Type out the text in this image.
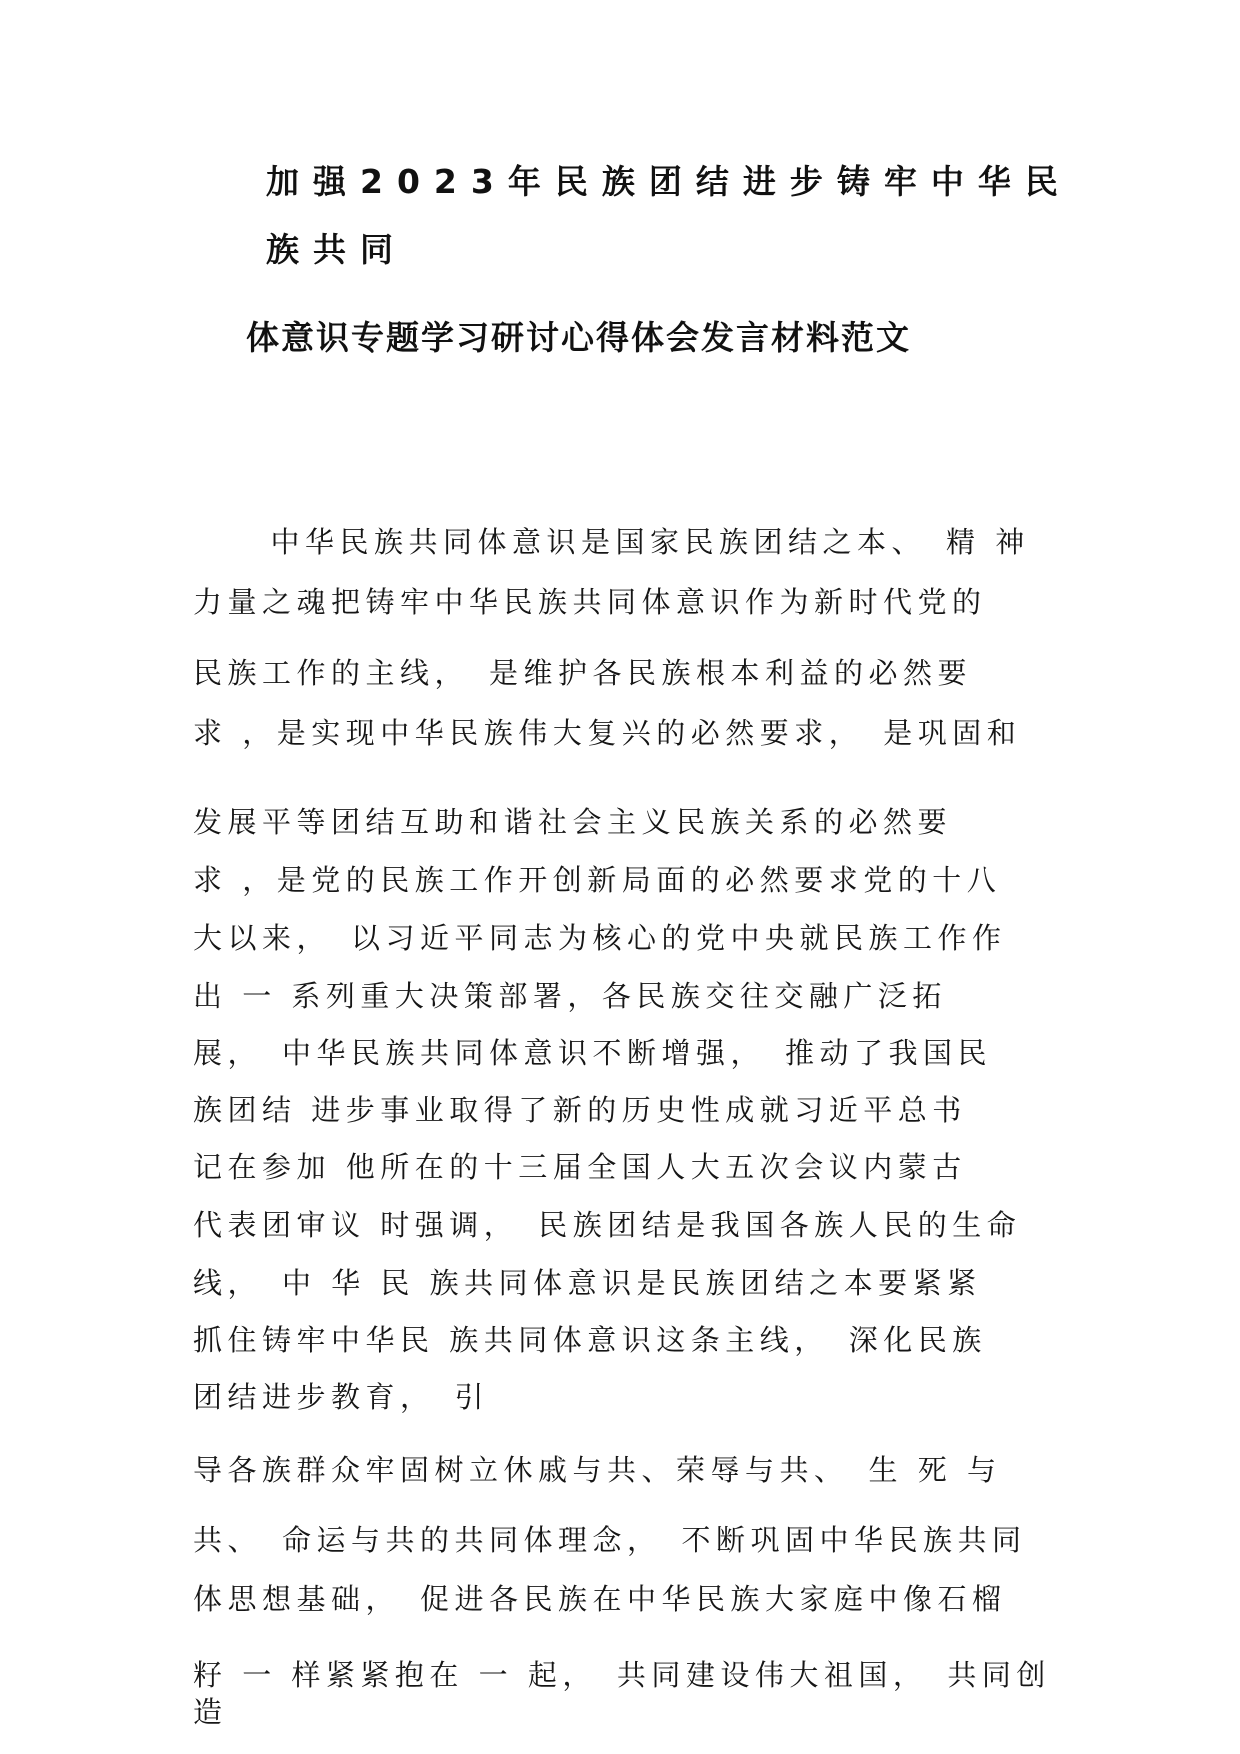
加强2023年民族团结进步铸牢中华民
族共同
体意识专题学习研讨心得体会发言材料范文
　中华民族共同体意识是国家民族团结之本、　精 神
力量之魂把铸牢中华民族共同体意识作为新时代党的
民族工作的主线，　是维护各民族根本利益的必然要
求 ，是实现中华民族伟大复兴的必然要求，　是巩固和
发展平等团结互助和谐社会主义民族关系的必然要
求 ，是党的民族工作开创新局面的必然要求党的十八
大以来，　以习近平同志为核心的党中央就民族工作作
出 一 系列重大决策部署，各民族交往交融广泛拓
展，　中华民族共同体意识不断增强，　推动了我国民
族团结 进步事业取得了新的历史性成就习近平总书
记在参加 他所在的十三届全国人大五次会议内蒙古
代表团审议 时强调，　民族团结是我国各族人民的生命
线，　中 华 民 族共同体意识是民族团结之本要紧紧
抓住铸牢中华民 族共同体意识这条主线，　深化民族
团结进步教育，　引
导各族群众牢固树立休戚与共、荣辱与共、　生 死 与
共、　命运与共的共同体理念，　不断巩固中华民族共同
体思想基础，　促进各民族在中华民族大家庭中像石榴
籽 一 样紧紧抱在 一 起，　共同建设伟大祖国，　共同创
造
